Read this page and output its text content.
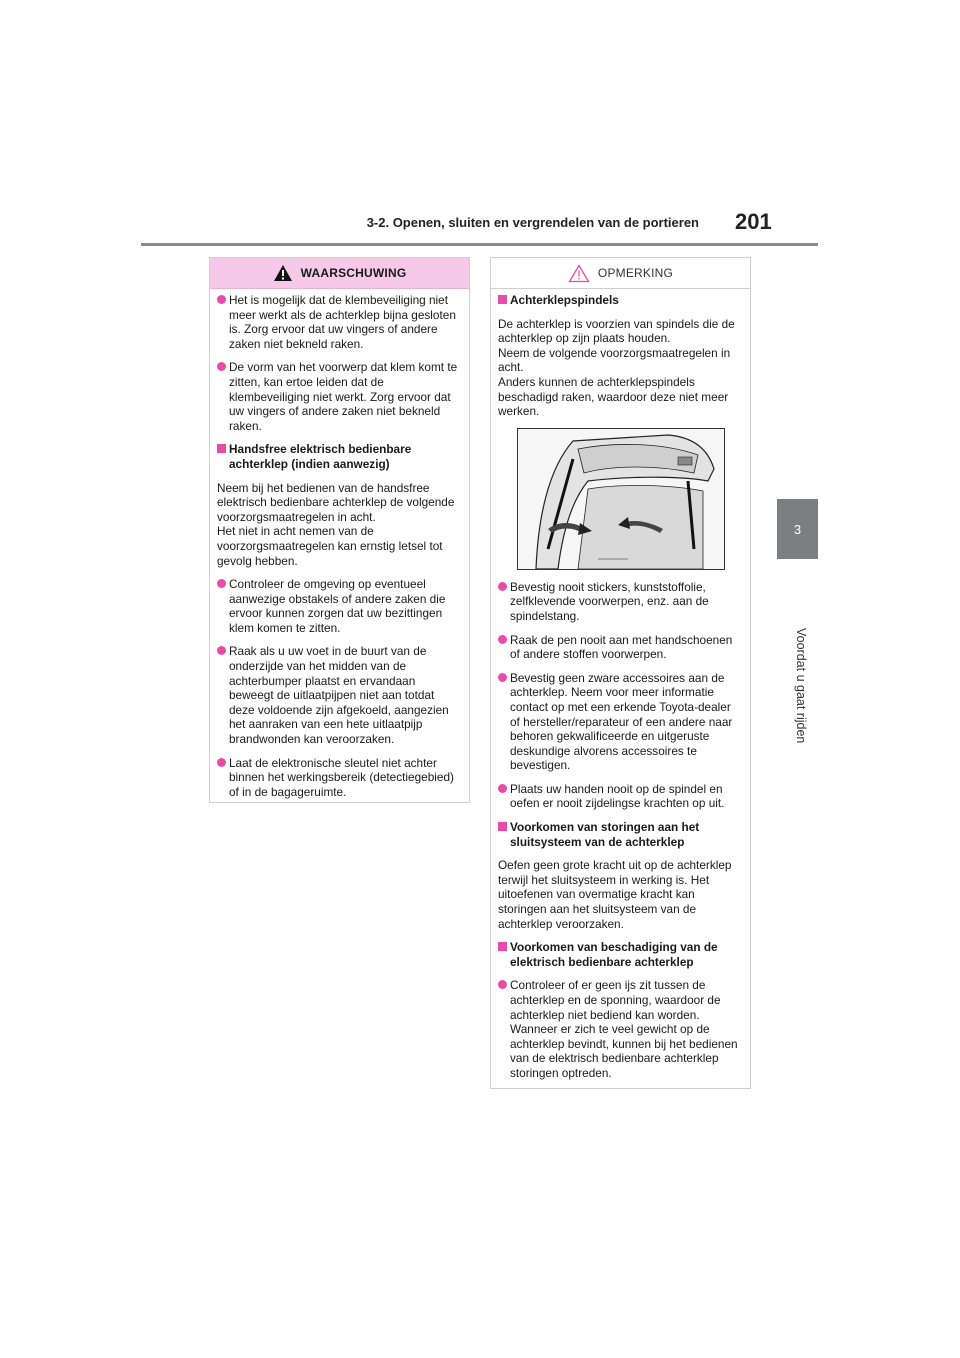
3-2. Openen, sluiten en vergrendelen van de portieren 201
3
Voordat u gaat rijden
WAARSCHUWING
Het is mogelijk dat de klembeveiliging niet meer werkt als de achterklep bijna gesloten is. Zorg ervoor dat uw vingers of andere zaken niet bekneld raken.
De vorm van het voorwerp dat klem komt te zitten, kan ertoe leiden dat de klembeveiliging niet werkt. Zorg ervoor dat uw vingers of andere zaken niet bekneld raken.
Handsfree elektrisch bedienbare achterklep (indien aanwezig)
Neem bij het bedienen van de handsfree elektrisch bedienbare achterklep de volgende voorzorgsmaatregelen in acht.
Het niet in acht nemen van de voorzorgsmaatregelen kan ernstig letsel tot gevolg hebben.
Controleer de omgeving op eventueel aanwezige obstakels of andere zaken die ervoor kunnen zorgen dat uw bezittingen klem komen te zitten.
Raak als u uw voet in de buurt van de onderzijde van het midden van de achterbumper plaatst en ervandaan beweegt de uitlaatpijpen niet aan totdat deze voldoende zijn afgekoeld, aangezien het aanraken van een hete uitlaatpijp brandwonden kan veroorzaken.
Laat de elektronische sleutel niet achter binnen het werkingsbereik (detectiegebied) of in de bagageruimte.
OPMERKING
Achterklepspindels
De achterklep is voorzien van spindels die de achterklep op zijn plaats houden.
Neem de volgende voorzorgsmaatregelen in acht.
Anders kunnen de achterklepspindels beschadigd raken, waardoor deze niet meer werken.
Bevestig nooit stickers, kunststoffolie, zelfklevende voorwerpen, enz. aan de spindelstang.
Raak de pen nooit aan met handschoenen of andere stoffen voorwerpen.
Bevestig geen zware accessoires aan de achterklep. Neem voor meer informatie contact op met een erkende Toyota-dealer of hersteller/reparateur of een andere naar behoren gekwalificeerde en uitgeruste deskundige alvorens accessoires te bevestigen.
Plaats uw handen nooit op de spindel en oefen er nooit zijdelingse krachten op uit.
Voorkomen van storingen aan het sluitsysteem van de achterklep
Oefen geen grote kracht uit op de achterklep terwijl het sluitsysteem in werking is. Het uitoefenen van overmatige kracht kan storingen aan het sluitsysteem van de achterklep veroorzaken.
Voorkomen van beschadiging van de elektrisch bedienbare achterklep
Controleer of er geen ijs zit tussen de achterklep en de sponning, waardoor de achterklep niet bediend kan worden. Wanneer er zich te veel gewicht op de achterklep bevindt, kunnen bij het bedienen van de elektrisch bedienbare achterklep storingen optreden.
